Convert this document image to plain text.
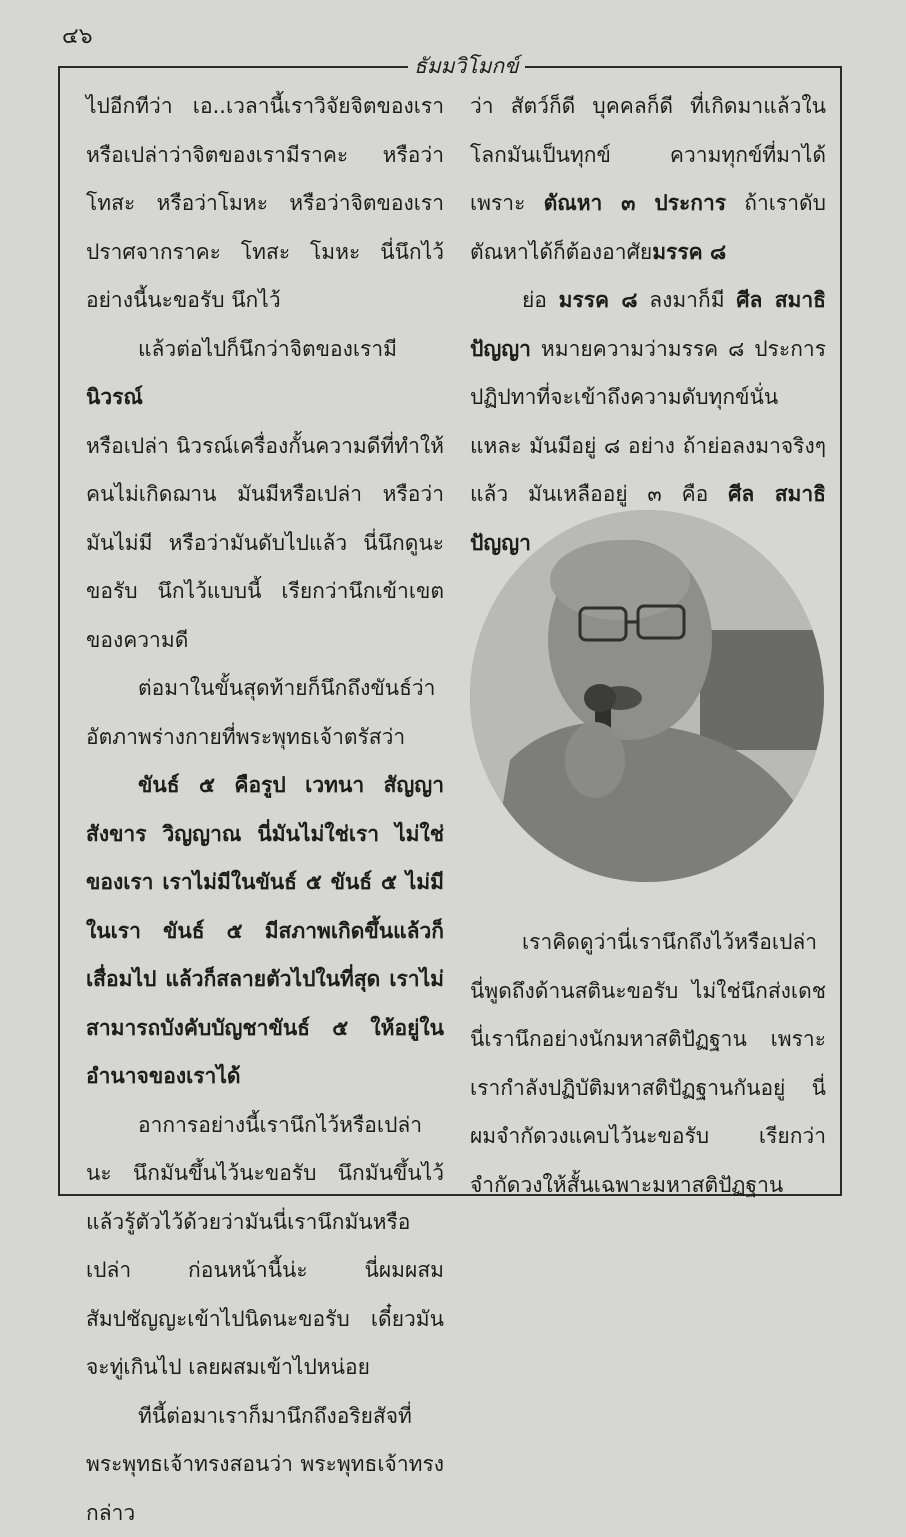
๔๖
ธัมมวิโมกข์

ไปอีกทีว่า เอ..เวลานี้เราวิจัยจิตของเราหรือเปล่าว่าจิตของเรามีราคะ หรือว่าโทสะ หรือว่าโมหะ หรือว่าจิตของเราปราศจากราคะ โทสะ โมหะ นี่นึกไว้อย่างนี้นะขอรับ นึกไว้

แล้วต่อไปก็นึกว่าจิตของเรามีนิวรณ์

หรือเปล่า นิวรณ์เครื่องกั้นความดีที่ทำให้คนไม่เกิดฌาน มันมีหรือเปล่า หรือว่ามันไม่มี หรือว่ามันดับไปแล้ว นี่นึกดูนะขอรับ นึกไว้แบบนี้ เรียกว่านึกเข้าเขตของความดี

ต่อมาในขั้นสุดท้ายก็นึกถึงขันธ์ว่า อัตภาพร่างกายที่พระพุทธเจ้าตรัสว่า

ขันธ์ ๕ คือรูป เวทนา สัญญา สังขาร วิญญาณ นี่มันไม่ใช่เรา ไม่ใช่ของเรา เราไม่มีในขันธ์ ๕ ขันธ์ ๕ ไม่มีในเรา ขันธ์ ๕ มีสภาพเกิดขึ้นแล้วก็เสื่อมไป แล้วก็สลายตัวไปในที่สุด เราไม่สามารถบังคับบัญชาขันธ์ ๕ ให้อยู่ในอำนาจของเราได้

อาการอย่างนี้เรานึกไว้หรือเปล่านะ นึกมันขึ้นไว้นะขอรับ นึกมันขึ้นไว้ แล้วรู้ตัวไว้ด้วยว่ามันนี่เรานึกมันหรือเปล่า ก่อนหน้านี้น่ะ นี่ผมผสมสัมปชัญญะเข้าไปนิดนะขอรับ เดี๋ยวมันจะทู่เกินไป เลยผสมเข้าไปหน่อย

ทีนี้ต่อมาเราก็มานึกถึงอริยสัจที่พระพุทธเจ้าทรงสอนว่า พระพุทธเจ้าทรงกล่าว

ว่า สัตว์ก็ดี บุคคลก็ดี ที่เกิดมาแล้วในโลกมันเป็นทุกข์ ความทุกข์ที่มาได้เพราะ ตัณหา ๓ ประการ ถ้าเราดับตัณหาได้ก็ต้องอาศัยมรรค ๘

ย่อ มรรค ๘ ลงมาก็มี ศีล สมาธิ ปัญญา หมายความว่ามรรค ๘ ประการ ปฏิปทาที่จะเข้าถึงความดับทุกข์นั่นแหละ มันมีอยู่ ๘ อย่าง ถ้าย่อลงมาจริงๆ แล้ว มันเหลืออยู่ ๓ คือ ศีล สมาธิ ปัญญา

เราคิดดูว่านี่เรานึกถึงไว้หรือเปล่า นี่พูดถึงด้านสตินะขอรับ ไม่ใช่นึกส่งเดช นี่เรานึกอย่างนักมหาสติปัฏฐาน เพราะเรากำลังปฏิบัติมหาสติปัฏฐานกันอยู่ นี่ผมจำกัดวงแคบไว้นะขอรับ เรียกว่าจำกัดวงให้สั้นเฉพาะมหาสติปัฏฐาน
